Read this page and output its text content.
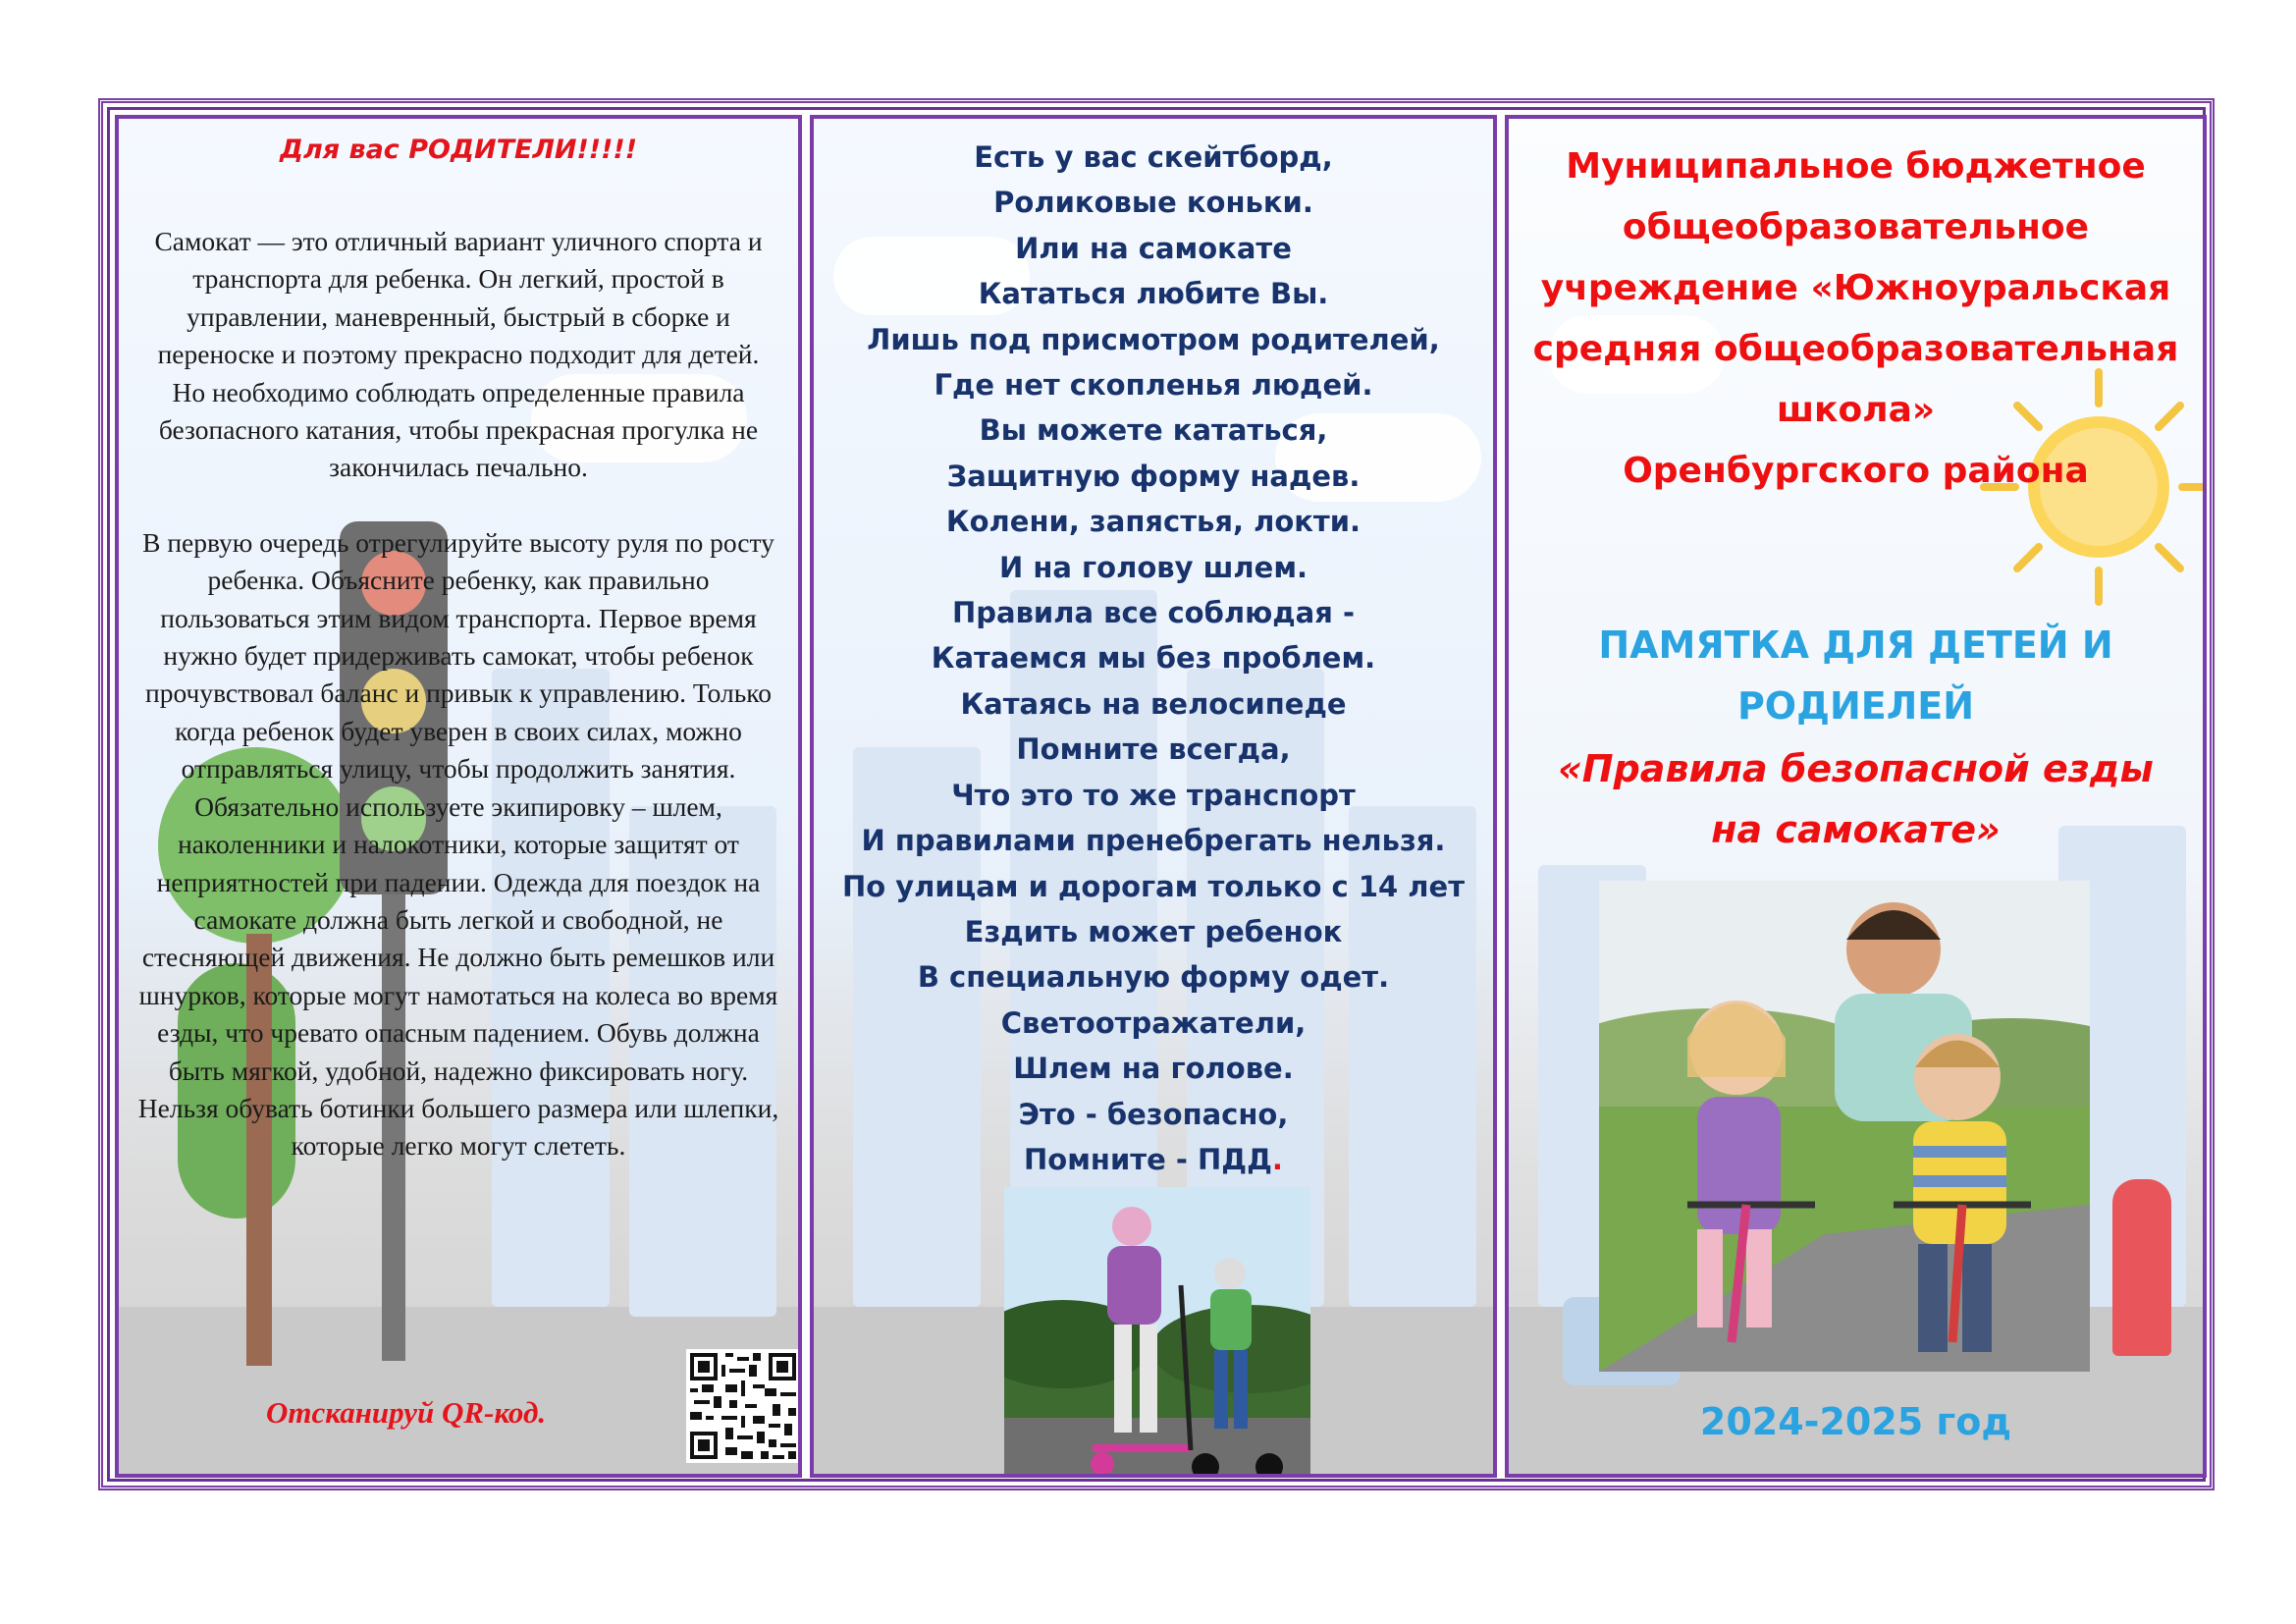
Для вас РОДИТЕЛИ!!!!!

Самокат — это отличный вариант уличного спорта и транспорта для ребенка. Он легкий, простой в управлении, маневренный, быстрый в сборке и переноске и поэтому прекрасно подходит для детей.

Но необходимо соблюдать определенные правила безопасного катания, чтобы прекрасная прогулка не закончилась печально.

В первую очередь отрегулируйте высоту руля по росту ребенка. Объясните ребенку, как правильно пользоваться этим видом транспорта. Первое время нужно будет придерживать самокат, чтобы ребенок прочувствовал баланс и привык к управлению. Только когда ребенок будет уверен в своих силах, можно отправляться улицу, чтобы продолжить занятия. Обязательно используете экипировку – шлем, наколенники и налокотники, которые защитят от неприятностей при падении. Одежда для поездок на самокате должна быть легкой и свободной, не стесняющей движения. Не должно быть ремешков или шнурков, которые могут намотаться на колеса во время езды, что чревато опасным падением. Обувь должна быть мягкой, удобной, надежно фиксировать ногу. Нельзя обувать ботинки большего размера или шлепки, которые легко могут слететь.

Отсканируй QR-код.
Есть у вас скейтборд,
Роликовые коньки.
Или на самокате
Кататься любите Вы.
Лишь под присмотром родителей,
Где нет скопленья людей.
Вы можете кататься,
Защитную форму надев.
Колени, запястья, локти.
И на голову шлем.
Правила все соблюдая -
Катаемся мы без проблем.
Катаясь на велосипеде
Помните всегда,
Что это то же транспорт
И правилами пренебрегать нельзя.
По улицам и дорогам только с 14 лет
Ездить может ребенок
В специальную форму одет.
Светоотражатели,
Шлем на голове.
Это - безопасно,
Помните - ПДД.
Муниципальное бюджетное
общеобразовательное
учреждение «Южноуральская
средняя общеобразовательная
школа»
Оренбургского района
ПАМЯТКА ДЛЯ ДЕТЕЙ И
РОДИЕЛЕЙ
«Правила безопасной езды
на самокате»
2024-2025 год
